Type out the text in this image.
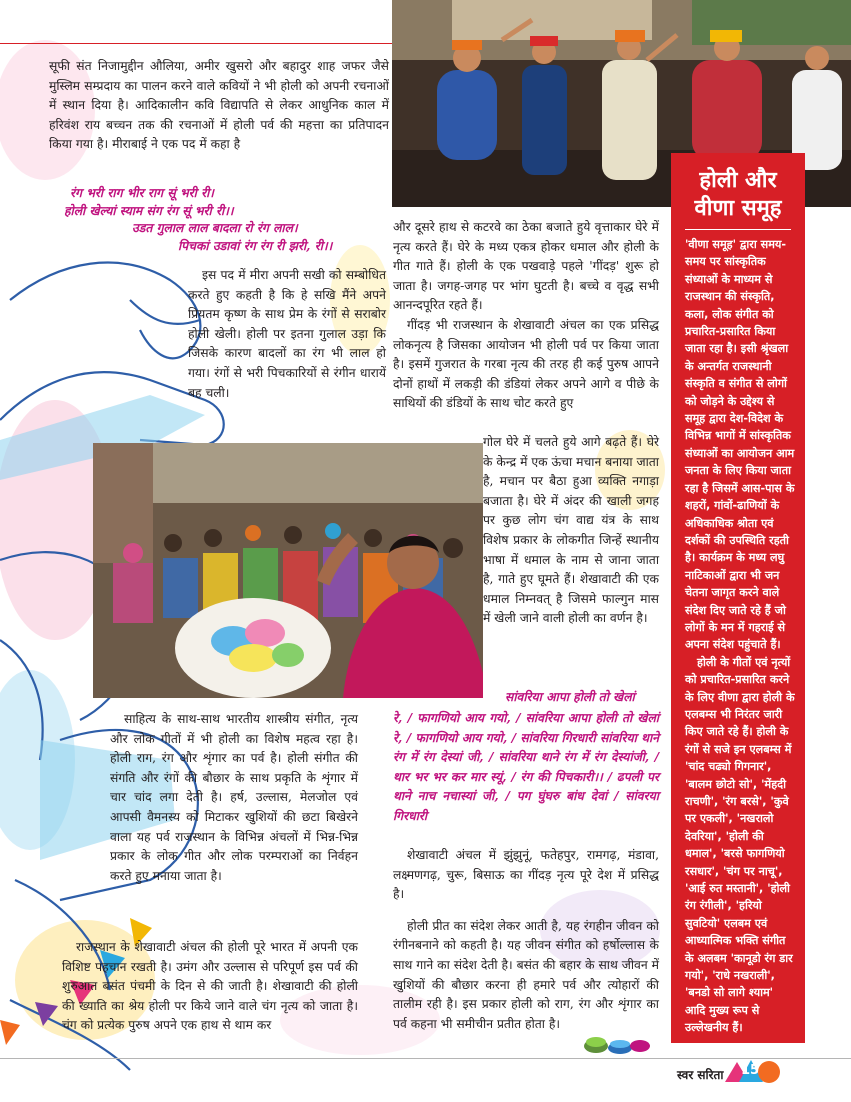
सूफी संत निजामुद्दीन औलिया, अमीर खुसरो और बहादुर शाह जफर जैसे मुस्लिम सम्प्रदाय का पालन करने वाले कवियों ने भी होली को अपनी रचनाओं में स्थान दिया है। आदिकालीन कवि विद्यापति से लेकर आधुनिक काल में हरिवंश राय बच्चन तक की रचनाओं में होली पर्व की महत्ता का प्रतिपादन किया गया है। मीराबाई ने एक पद में कहा है

रंग भरी राग भीर राग सूं भरी री।
होली खेल्यां स्याम संग रंग सूं भरी री।।
उडत गुलाल लाल बादला रो रंग लाल।
पिचकां उडावां रंग रंग री झरी, री।।

इस पद में मीरा अपनी सखी को सम्बोधित करते हुए कहती है कि हे सखि मैंने अपने प्रियतम कृष्ण के साथ प्रेम के रंगों से सराबोर होली खेली। होली पर इतना गुलाल उड़ा कि जिसके कारण बादलों का रंग भी लाल हो गया। रंगों से भरी पिचकारियों से रंगीन धारायें बह चली।

साहित्य के साथ-साथ भारतीय शास्त्रीय संगीत, नृत्य और लोक गीतों में भी होली का विशेष महत्व रहा है। होली राग, रंग और शृंगार का पर्व है। होली संगीत की संगति और रंगों की बौछार के साथ प्रकृति के शृंगार में चार चांद लगा देती है। हर्ष, उल्लास, मेलजोल एवं आपसी वैमनस्य को मिटाकर खुशियों की छटा बिखेरने वाला यह पर्व राजस्थान के विभिन्न अंचलों में भिन्न-भिन्न प्रकार के लोक गीत और लोक परम्पराओं का निर्वहन करते हुए मनाया जाता है।

राजस्थान के शेखावाटी अंचल की होली पूरे भारत में अपनी एक विशिष्ट पहचान रखती है। उमंग और उल्लास से परिपूर्ण इस पर्व की शुरुआत बसंत पंचमी के दिन से की जाती है। शेखावाटी की होली की ख्याति का श्रेय होली पर किये जाने वाले चंग नृत्य को जाता है। चंग को प्रत्येक पुरुष अपने एक हाथ से थाम कर

और दूसरे हाथ से कटरवे का ठेका बजाते हुये वृत्ताकार घेरे में नृत्य करते हैं। घेरे के मध्य एकत्र होकर धमाल और होली के गीत गाते हैं। होली के एक पखवाड़े पहले 'गींदड़' शुरू हो जाता है। जगह-जगह पर भांग घुटती है। बच्चे व वृद्ध सभी आनन्दपूरित रहते हैं।

गींदड़ भी राजस्थान के शेखावाटी अंचल का एक प्रसिद्ध लोकनृत्य है जिसका आयोजन भी होली पर्व पर किया जाता है। इसमें गुजरात के गरबा नृत्य की तरह ही कई पुरुष आपने दोनों हाथों में लकड़ी की डंडियां लेकर अपने आगे व पीछे के साथियों की डंडियों के साथ चोट करते हुए

गोल घेरे में चलते हुये आगे बढ़ते हैं। घेरे के केन्द्र में एक ऊंचा मचान बनाया जाता है, मचान पर बैठा हुआ व्यक्ति नगाड़ा बजाता है। घेरे में अंदर की खाली जगह पर कुछ लोग चंग वाद्य यंत्र के साथ विशेष प्रकार के लोकगीत जिन्हें स्थानीय भाषा में धमाल के नाम से जाना जाता है, गाते हुए घूमते हैं। शेखावाटी की एक धमाल निम्नवत् है जिसमे फाल्गुन मास में खेली जाने वाली होली का वर्णन है।

सांवरिया आपा होली तो खेलां
रे, / फागणियो आय गयो, / सांवरिया आपा होली तो खेलां रे, / फागणियो आय गयो, / सांवरिया गिरधारी सांवरिया थाने रंग में रंग देस्यां जी, / सांवरिया थाने रंग में रंग देस्यांजी, / थार भर भर कर मार स्यूं, / रंग की पिचकारी।। / ढपली पर थाने नाच नचास्यां जी, / पग घुंघरु बांध देवां / सांवरया गिरधारी

शेखावाटी अंचल में झुंझुनूं, फतेहपुर, रामगढ़, मंडावा, लक्ष्मणगढ़, चुरू, बिसाऊ का गींदड़ नृत्य पूरे देश में प्रसिद्ध है।

होली प्रीत का संदेश लेकर आती है, यह रंगहीन जीवन को रंगीनबनाने को कहती है। यह जीवन संगीत को हर्षोल्लास के साथ गाने का संदेश देती है। बसंत की बहार के साथ जीवन में खुशियों की बौछार करना ही हमारे पर्व और त्योहारों की तालीम रही है। इस प्रकार होली को राग, रंग और शृंगार का पर्व कहना भी समीचीन प्रतीत होता है।

होली और
वीणा समूह

'वीणा समूह' द्वारा समय-समय पर सांस्कृतिक संध्याओं के माध्यम से राजस्थान की संस्कृति, कला, लोक संगीत को प्रचारित-प्रसारित किया जाता रहा है। इसी श्रृंखला के अन्तर्गत राजस्थानी संस्कृति व संगीत से लोगों को जोड़ने के उद्देश्य से समूह द्वारा देश-विदेश के विभिन्न भागों में सांस्कृतिक संध्याओं का आयोजन आम जनता के लिए किया जाता रहा है जिसमें आस-पास के शहरों, गांवों-ढाणियों के अधिकाधिक श्रोता एवं दर्शकों की उपस्थिति रहती है। कार्यक्रम के मध्य लघु नाटिकाओं द्वारा भी जन चेतना जागृत करने वाले संदेश दिए जाते रहे हैं जो लोगों के मन में गहराई से अपना संदेश पहुंचाते हैं।

होली के गीतों एवं नृत्यों को प्रचारित-प्रसारित करने के लिए वीणा द्वारा होली के एलबम्स भी निरंतर जारी किए जाते रहे हैं। होली के रंगों से सजे इन एलबम्स में 'चांद चढ्यो गिगनार', 'बालम छोटो सो', 'मेंहदी राचणी', 'रंग बरसे', 'कुवे पर एकली', 'नखरालो देवरिया', 'होली की धमाल', 'बरसे फागणियो रसधार', 'चंग पर नाचू', 'आई रुत मस्तानी', 'होली रंग रंगीली', 'हरियो सुवटियो' एलबम एवं आध्यात्मिक भक्ति संगीत के अलबम 'कानूडो रंग डार गयो', 'राधे नखराली', 'बनडो सो लागे श्याम' आदि मुख्य रूप से उल्लेखनीय हैं।

स्वर सरिता 15
